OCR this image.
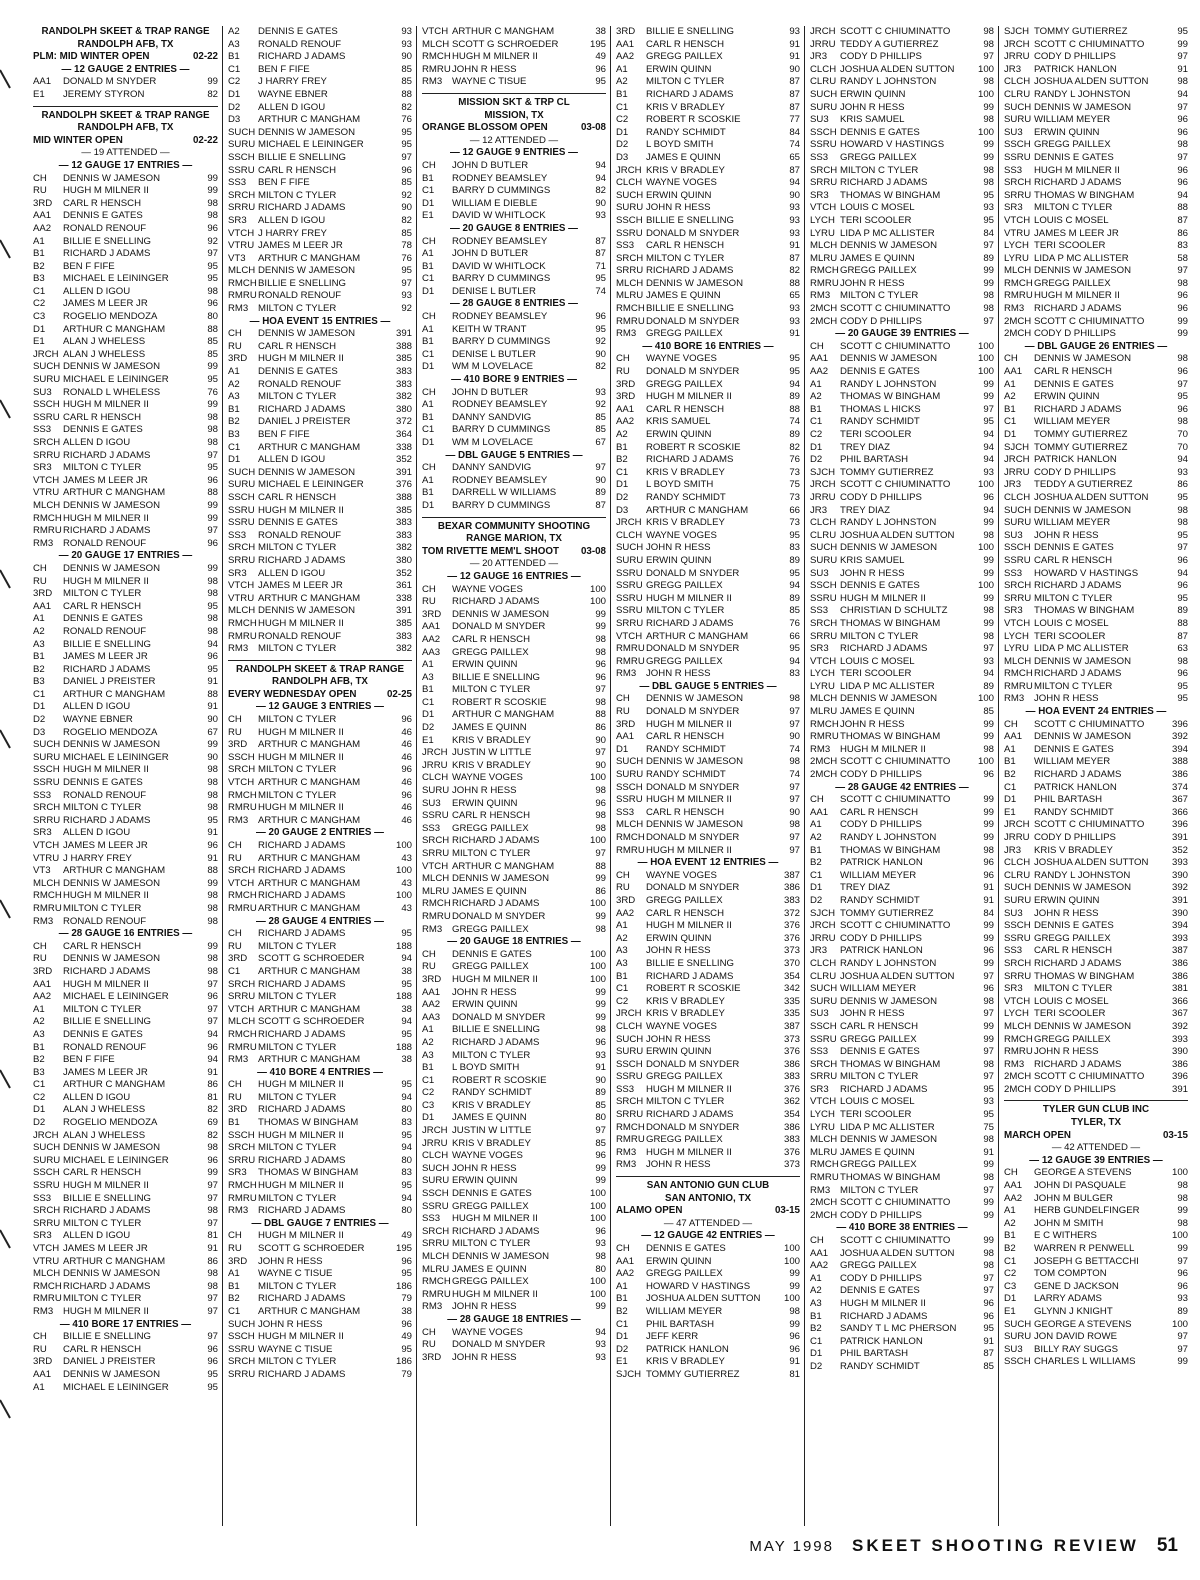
RANDOLPH SKEET & TRAP RANGE
RANDOLPH AFB, TX
PLM: MID WINTER OPEN	02-22
— 12 GAUGE 2 ENTRIES —
AA1	DONALD M SNYDER	99
E1	JEREMY STYRON	82
RANDOLPH SKEET & TRAP RANGE
RANDOLPH AFB, TX
MID WINTER OPEN	02-22
— 19 ATTENDED —
— 12 GAUGE 17 ENTRIES —
CH	DENNIS W JAMESON	99
RU	HUGH M MILNER II	99
3RD	CARL R HENSCH	98
AA1	DENNIS E GATES	98
AA2	RONALD RENOUF	96
A1	BILLIE E SNELLING	92
B1	RICHARD J ADAMS	97
B2	BEN F FIFE	95
B3	MICHAEL E LEININGER	95
C1	ALLEN D IGOU	98
C2	JAMES M LEER JR	96
C3	ROGELIO MENDOZA	80
D1	ARTHUR C MANGHAM	88
E1	ALAN J WHELESS	85
JRCH ALAN J WHELESS	85
SUCH DENNIS W JAMESON	99
SURU MICHAEL E LEININGER	95
SU3	RONALD L WHELESS	76
SSCH HUGH M MILNER II	99
SSRU CARL R HENSCH	98
SS3	DENNIS E GATES	98
SRCH ALLEN D IGOU	98
SRRU RICHARD J ADAMS	97
SR3	MILTON C TYLER	95
VTCH JAMES M LEER JR	96
VTRU ARTHUR C MANGHAM	88
MLCH DENNIS W JAMESON	99
RMCH HUGH M MILNER II	99
RMRU RICHARD J ADAMS	97
RM3	RONALD RENOUF	96
— 20 GAUGE 17 ENTRIES —
CH	DENNIS W JAMESON	99
RU	HUGH M MILNER II	98
3RD	MILTON C TYLER	98
AA1	CARL R HENSCH	95
A1	DENNIS E GATES	98
A2	RONALD RENOUF	98
A3	BILLIE E SNELLING	94
B1	JAMES M LEER JR	96
B2	RICHARD J ADAMS	95
B3	DANIEL J PREISTER	91
C1	ARTHUR C MANGHAM	88
D1	ALLEN D IGOU	91
D2	WAYNE EBNER	90
D3	ROGELIO MENDOZA	67
SUCH DENNIS W JAMESON	99
SURU MICHAEL E LEININGER	90
SSCH HUGH M MILNER II	98
SSRU DENNIS E GATES	98
SS3	RONALD RENOUF	98
SRCH MILTON C TYLER	98
SRRU RICHARD J ADAMS	95
SR3	ALLEN D IGOU	91
VTCH JAMES M LEER JR	96
VTRU J HARRY FREY	91
VT3	ARTHUR C MANGHAM	88
MLCH DENNIS W JAMESON	99
RMCH HUGH M MILNER II	98
RMRU MILTON C TYLER	98
RM3	RONALD RENOUF	98
— 28 GAUGE 16 ENTRIES —
CH	CARL R HENSCH	99
RU	DENNIS W JAMESON	98
3RD	RICHARD J ADAMS	98
AA1	HUGH M MILNER II	97
AA2	MICHAEL E LEININGER	96
A1	MILTON C TYLER	97
A2	BILLIE E SNELLING	97
A3	DENNIS E GATES	94
B1	RONALD RENOUF	96
B2	BEN F FIFE	94
B3	JAMES M LEER JR	91
C1	ARTHUR C MANGHAM	86
C2	ALLEN D IGOU	81
D1	ALAN J WHELESS	82
D2	ROGELIO MENDOZA	69
JRCH ALAN J WHELESS	82
SUCH DENNIS W JAMESON	98
SURU MICHAEL E LEININGER	96
SSCH CARL R HENSCH	99
SSRU HUGH M MILNER II	97
SS3	BILLIE E SNELLING	97
SRCH RICHARD J ADAMS	98
SRRU MILTON C TYLER	97
SR3	ALLEN D IGOU	81
VTCH JAMES M LEER JR	91
VTRU ARTHUR C MANGHAM	86
MLCH DENNIS W JAMESON	98
RMCH RICHARD J ADAMS	98
RMRU MILTON C TYLER	97
RM3	HUGH M MILNER II	97
— 410 BORE 17 ENTRIES —
CH	BILLIE E SNELLING	97
RU	CARL R HENSCH	96
3RD	DANIEL J PREISTER	96
AA1	DENNIS W JAMESON	95
A1	MICHAEL E LEININGER	95
A2	DENNIS E GATES	93
A3	RONALD RENOUF	93
B1	RICHARD J ADAMS	90
C1	BEN F FIFE	85
C2	J HARRY FREY	85
D1	WAYNE EBNER	88
D2	ALLEN D IGOU	82
D3	ARTHUR C MANGHAM	76
SUCH DENNIS W JAMESON	95
SURU MICHAEL E LEININGER	95
SSCH BILLIE E SNELLING	97
SSRU CARL R HENSCH	96
SS3	BEN F FIFE	85
SRCH MILTON C TYLER	92
SRRU RICHARD J ADAMS	90
SR3	ALLEN D IGOU	82
VTCH J HARRY FREY	85
VTRU JAMES M LEER JR	78
VT3	ARTHUR C MANGHAM	76
MLCH DENNIS W JAMESON	95
RMCH BILLIE E SNELLING	97
RMRU RONALD RENOUF	93
RM3	MILTON C TYLER	92
— HOA EVENT 15 ENTRIES —
CH	DENNIS W JAMESON	391
RU	CARL R HENSCH	388
3RD	HUGH M MILNER II	385
A1	DENNIS E GATES	383
A2	RONALD RENOUF	383
A3	MILTON C TYLER	382
B1	RICHARD J ADAMS	380
B2	DANIEL J PREISTER	372
B3	BEN F FIFE	364
C1	ARTHUR C MANGHAM	338
D1	ALLEN D IGOU	352
SUCH DENNIS W JAMESON	391
SURU MICHAEL E LEININGER	376
SSCH CARL R HENSCH	388
SSRU HUGH M MILNER II	385
SSRU DENNIS E GATES	383
SS3	RONALD RENOUF	383
SRCH MILTON C TYLER	382
SRRU RICHARD J ADAMS	380
SR3	ALLEN D IGOU	352
VTCH JAMES M LEER JR	361
VTRU ARTHUR C MANGHAM	338
MLCH DENNIS W JAMESON	391
RMCH HUGH M MILNER II	385
RMRU RONALD RENOUF	383
RM3	MILTON C TYLER	382
RANDOLPH SKEET & TRAP RANGE
RANDOLPH AFB, TX
EVERY WEDNESDAY OPEN	02-25
— 12 GAUGE 3 ENTRIES —
CH	MILTON C TYLER	96
RU	HUGH M MILNER II	46
3RD	ARTHUR C MANGHAM	46
SSCH HUGH M MILNER II	46
SRCH MILTON C TYLER	96
VTCH ARTHUR C MANGHAM	46
RMCH MILTON C TYLER	96
RMRU HUGH M MILNER II	46
RM3	ARTHUR C MANGHAM	46
— 20 GAUGE 2 ENTRIES —
CH	RICHARD J ADAMS	100
RU	ARTHUR C MANGHAM	43
SRCH RICHARD J ADAMS	100
VTCH ARTHUR C MANGHAM	43
RMCH RICHARD J ADAMS	100
RMRU ARTHUR C MANGHAM	43
— 28 GAUGE 4 ENTRIES —
CH	RICHARD J ADAMS	95
RU	MILTON C TYLER	188
3RD	SCOTT G SCHROEDER	94
C1	ARTHUR C MANGHAM	38
SRCH RICHARD J ADAMS	95
SRRU MILTON C TYLER	188
VTCH ARTHUR C MANGHAM	38
MLCH SCOTT G SCHROEDER	94
RMCH RICHARD J ADAMS	95
RMRU MILTON C TYLER	188
RM3	ARTHUR C MANGHAM	38
— 410 BORE 4 ENTRIES —
CH	HUGH M MILNER II	95
RU	MILTON C TYLER	94
3RD	RICHARD J ADAMS	80
B1	THOMAS W BINGHAM	83
SSCH HUGH M MILNER II	95
SRCH MILTON C TYLER	94
SRRU RICHARD J ADAMS	80
SR3	THOMAS W BINGHAM	83
RMCH HUGH M MILNER II	95
RMRU MILTON C TYLER	94
RM3	RICHARD J ADAMS	80
— DBL GAUGE 7 ENTRIES —
CH	HUGH M MILNER II	49
RU	SCOTT G SCHROEDER	195
3RD	JOHN R HESS	96
A1	WAYNE C TISUE	95
B1	MILTON C TYLER	186
B2	RICHARD J ADAMS	79
C1	ARTHUR C MANGHAM	38
SUCH JOHN R HESS	96
SSCH HUGH M MILNER II	49
SSRU WAYNE C TISUE	95
SRCH MILTON C TYLER	186
SRRU RICHARD J ADAMS	79
VTCH ARTHUR C MANGHAM	38
MLCH SCOTT G SCHROEDER	195
RMCH HUGH M MILNER II	49
RMRU JOHN R HESS	96
RM3	WAYNE C TISUE	95
MISSION SKT & TRP CL
MISSION, TX
ORANGE BLOSSOM OPEN	03-08
— 12 ATTENDED —
— 12 GAUGE 9 ENTRIES —
CH	JOHN D BUTLER	94
B1	RODNEY BEAMSLEY	94
C1	BARRY D CUMMINGS	82
D1	WILLIAM E DIEBLE	90
E1	DAVID W WHITLOCK	93
— 20 GAUGE 8 ENTRIES —
CH	RODNEY BEAMSLEY	87
A1	JOHN D BUTLER	87
B1	DAVID W WHITLOCK	71
C1	BARRY D CUMMINGS	95
D1	DENISE L BUTLER	74
— 28 GAUGE 8 ENTRIES —
CH	RODNEY BEAMSLEY	96
A1	KEITH W TRANT	95
B1	BARRY D CUMMINGS	92
C1	DENISE L BUTLER	90
D1	WM M LOVELACE	82
— 410 BORE 9 ENTRIES —
CH	JOHN D BUTLER	93
A1	RODNEY BEAMSLEY	92
B1	DANNY SANDVIG	85
C1	BARRY D CUMMINGS	85
D1	WM M LOVELACE	67
— DBL GAUGE 5 ENTRIES —
CH	DANNY SANDVIG	97
A1	RODNEY BEAMSLEY	90
B1	DARRELL W WILLIAMS	89
D1	BARRY D CUMMINGS	87
BEXAR COMMUNITY SHOOTING
RANGE MARION, TX
TOM RIVETTE MEM'L SHOOT 03-08
— 20 ATTENDED —
— 12 GAUGE 16 ENTRIES —
CH	WAYNE VOGES	100
RU	RICHARD J ADAMS	100
3RD	DENNIS W JAMESON	99
AA1	DONALD M SNYDER	99
AA2	CARL R HENSCH	98
AA3	GREGG PAILLEX	98
A1	ERWIN QUINN	96
A3	BILLIE E SNELLING	96
B1	MILTON C TYLER	97
C1	ROBERT R SCOSKIE	98
D1	ARTHUR C MANGHAM	88
D2	JAMES E QUINN	86
E1	KRIS V BRADLEY	90
JRCH JUSTIN W LITTLE	97
JRRU KRIS V BRADLEY	90
CLCH WAYNE VOGES	100
SURU JOHN R HESS	98
SU3	ERWIN QUINN	96
SSRU CARL R HENSCH	98
SS3	GREGG PAILLEX	98
SRCH RICHARD J ADAMS	100
SRRU MILTON C TYLER	97
VTCH ARTHUR C MANGHAM	88
MLCH DENNIS W JAMESON	99
MLRU JAMES E QUINN	86
RMCH RICHARD J ADAMS	100
RMRU DONALD M SNYDER	99
RM3	GREGG PAILLEX	98
— 20 GAUGE 18 ENTRIES —
CH	DENNIS E GATES	100
RU	GREGG PAILLEX	100
3RD	HUGH M MILNER II	100
AA1	JOHN R HESS	99
AA2	ERWIN QUINN	99
AA3	DONALD M SNYDER	99
A1	BILLIE E SNELLING	98
A2	RICHARD J ADAMS	96
A3	MILTON C TYLER	93
B1	L BOYD SMITH	91
C1	ROBERT R SCOSKIE	90
C2	RANDY SCHMIDT	89
C3	KRIS V BRADLEY	85
D1	JAMES E QUINN	80
JRCH JUSTIN W LITTLE	97
JRRU KRIS V BRADLEY	85
CLCH WAYNE VOGES	96
SUCH JOHN R HESS	99
SURU ERWIN QUINN	99
SSCH DENNIS E GATES	100
SSRU GREGG PAILLEX	100
SS3	HUGH M MILNER II	100
SRCH RICHARD J ADAMS	96
SRRU MILTON C TYLER	93
MLCH DENNIS W JAMESON	98
MLRU JAMES E QUINN	80
RMCH GREGG PAILLEX	100
RMRU HUGH M MILNER II	100
RM3	JOHN R HESS	99
— 28 GAUGE 18 ENTRIES —
CH	WAYNE VOGES	94
RU	DONALD M SNYDER	93
3RD	JOHN R HESS	93
3RD	BILLIE E SNELLING	93
AA1	CARL R HENSCH	91
AA2	GREGG PAILLEX	91
A1	ERWIN QUINN	90
A2	MILTON C TYLER	87
B1	RICHARD J ADAMS	87
C1	KRIS V BRADLEY	87
C2	ROBERT R SCOSKIE	77
D1	RANDY SCHMIDT	84
D2	L BOYD SMITH	74
D3	JAMES E QUINN	65
JRCH KRIS V BRADLEY	87
CLCH WAYNE VOGES	94
SUCH ERWIN QUINN	90
SURU JOHN R HESS	93
SSCH BILLIE E SNELLING	93
SSRU DONALD M SNYDER	93
SS3	CARL R HENSCH	91
SRCH MILTON C TYLER	87
SRRU RICHARD J ADAMS	82
MLCH DENNIS W JAMESON	88
MLRU JAMES E QUINN	65
RMCH BILLIE E SNELLING	93
RMRU DONALD M SNYDER	93
RM3	GREGG PAILLEX	91
— 410 BORE 16 ENTRIES —
CH	WAYNE VOGES	95
RU	DONALD M SNYDER	95
3RD	GREGG PAILLEX	94
3RD	HUGH M MILNER II	89
AA1	CARL R HENSCH	88
AA2	KRIS SAMUEL	74
A2	ERWIN QUINN	89
B1	ROBERT R SCOSKIE	82
B2	RICHARD J ADAMS	76
C1	KRIS V BRADLEY	73
D1	L BOYD SMITH	75
D2	RANDY SCHMIDT	73
D3	ARTHUR C MANGHAM	66
JRCH KRIS V BRADLEY	73
CLCH WAYNE VOGES	95
SUCH JOHN R HESS	83
SURU ERWIN QUINN	89
SSRU DONALD M SNYDER	95
SSRU GREGG PAILLEX	94
SSRU HUGH M MILNER II	89
SSRU MILTON C TYLER	85
SRRU RICHARD J ADAMS	76
VTCH ARTHUR C MANGHAM	66
RMRU DONALD M SNYDER	95
RMRU GREGG PAILLEX	94
RM3	JOHN R HESS	83
— DBL GAUGE 5 ENTRIES —
CH	DENNIS W JAMESON	98
RU	DONALD M SNYDER	97
3RD	HUGH M MILNER II	97
AA1	CARL R HENSCH	90
D1	RANDY SCHMIDT	74
SUCH DENNIS W JAMESON	98
SURU RANDY SCHMIDT	74
SSCH DONALD M SNYDER	97
SSRU HUGH M MILNER II	97
SS3	CARL R HENSCH	90
MLCH DENNIS W JAMESON	98
RMCH DONALD M SNYDER	97
RMRU HUGH M MILNER II	97
— HOA EVENT 12 ENTRIES —
CH	WAYNE VOGES	387
RU	DONALD M SNYDER	386
3RD	GREGG PAILLEX	383
AA2	CARL R HENSCH	372
A1	HUGH M MILNER II	376
A2	ERWIN QUINN	376
A3	JOHN R HESS	373
A3	BILLIE E SNELLING	370
B1	RICHARD J ADAMS	354
C1	ROBERT R SCOSKIE	342
C2	KRIS V BRADLEY	335
JRCH KRIS V BRADLEY	335
CLCH WAYNE VOGES	387
SUCH JOHN R HESS	373
SURU ERWIN QUINN	376
SSCH DONALD M SNYDER	386
SSRU GREGG PAILLEX	383
SS3	HUGH M MILNER II	376
SRCH MILTON C TYLER	362
SRRU RICHARD J ADAMS	354
RMCH DONALD M SNYDER	386
RMRU GREGG PAILLEX	383
RM3	HUGH M MILNER II	376
RM3	JOHN R HESS	373
SAN ANTONIO GUN CLUB
SAN ANTONIO, TX
ALAMO OPEN	03-15
— 47 ATTENDED —
— 12 GAUGE 42 ENTRIES —
CH	DENNIS E GATES	100
AA1	ERWIN QUINN	100
AA2	GREGG PAILLEX	99
A1	HOWARD V HASTINGS	99
B1	JOSHUA ALDEN SUTTON	100
B2	WILLIAM MEYER	98
C1	PHIL BARTASH	99
D1	JEFF KERR	96
D2	PATRICK HANLON	96
E1	KRIS V BRADLEY	91
SJCH TOMMY GUTIERREZ	81
JRCH SCOTT C CHIUMINATTO	98
JRRU TEDDY A GUTIERREZ	98
JR3	CODY D PHILLIPS	97
CLCH JOSHUA ALDEN SUTTON	100
CLRU RANDY L JOHNSTON	98
SUCH ERWIN QUINN	100
SURU JOHN R HESS	99
SU3	KRIS SAMUEL	98
SSCH DENNIS E GATES	100
SSRU HOWARD V HASTINGS	99
SS3	GREGG PAILLEX	99
SRCH MILTON C TYLER	98
SRRU RICHARD J ADAMS	98
SR3	THOMAS W BINGHAM	95
VTCH LOUIS C MOSEL	93
LYCH TERI SCOOLER	95
LYRU LIDA P MC ALLISTER	84
MLCH DENNIS W JAMESON	97
MLRU JAMES E QUINN	89
RMCH GREGG PAILLEX	99
RMRU JOHN R HESS	99
RM3	MILTON C TYLER	98
2MCH SCOTT C CHIUMINATTO	98
2MCH CODY D PHILLIPS	97
— 20 GAUGE 39 ENTRIES —
CH	SCOTT C CHIUMINATTO	100
AA1	DENNIS W JAMESON	100
AA2	DENNIS E GATES	100
A1	RANDY L JOHNSTON	99
A2	THOMAS W BINGHAM	99
B1	THOMAS L HICKS	97
C1	RANDY SCHMIDT	95
C2	TERI SCOOLER	94
D1	TREY DIAZ	94
D2	PHIL BARTASH	94
SJCH TOMMY GUTIERREZ	93
JRCH SCOTT C CHIUMINATTO	100
JRRU CODY D PHILLIPS	96
JR3	TREY DIAZ	94
CLCH RANDY L JOHNSTON	99
CLRU JOSHUA ALDEN SUTTON	98
SUCH DENNIS W JAMESON	100
SURU KRIS SAMUEL	99
SU3	JOHN R HESS	99
SSCH DENNIS E GATES	100
SSRU HUGH M MILNER II	99
SS3	CHRISTIAN D SCHULTZ	98
SRCH THOMAS W BINGHAM	99
SRRU MILTON C TYLER	98
SR3	RICHARD J ADAMS	97
VTCH LOUIS C MOSEL	93
LYCH TERI SCOOLER	94
LYRU LIDA P MC ALLISTER	89
MLCH DENNIS W JAMESON	100
MLRU JAMES E QUINN	85
RMCH JOHN R HESS	99
RMRU THOMAS W BINGHAM	99
RM3	HUGH M MILNER II	98
2MCH SCOTT C CHIUMINATTO	100
2MCH CODY D PHILLIPS	96
— 28 GAUGE 42 ENTRIES —
CH	SCOTT C CHIUMINATTO	99
AA1	CARL R HENSCH	99
A1	CODY D PHILLIPS	99
A2	RANDY L JOHNSTON	99
B1	THOMAS W BINGHAM	98
B2	PATRICK HANLON	96
C1	WILLIAM MEYER	96
D1	TREY DIAZ	91
D2	RANDY SCHMIDT	91
SJCH TOMMY GUTIERREZ	84
JRCH SCOTT C CHIUMINATTO	99
JRRU CODY D PHILLIPS	99
JR3	PATRICK HANLON	96
CLCH RANDY L JOHNSTON	99
CLRU JOSHUA ALDEN SUTTON	97
SUCH WILLIAM MEYER	96
SURU DENNIS W JAMESON	98
SU3	JOHN R HESS	97
SSCH CARL R HENSCH	99
SSRU GREGG PAILLEX	99
SS3	DENNIS E GATES	97
SRCH THOMAS W BINGHAM	98
SRRU MILTON C TYLER	97
SR3	RICHARD J ADAMS	95
VTCH LOUIS C MOSEL	93
LYCH TERI SCOOLER	95
LYRU LIDA P MC ALLISTER	75
MLCH DENNIS W JAMESON	98
MLRU JAMES E QUINN	91
RMCH GREGG PAILLEX	99
RMRU THOMAS W BINGHAM	98
RM3	MILTON C TYLER	97
2MCH SCOTT C CHIUMINATTO	99
2MCH CODY D PHILLIPS	99
— 410 BORE 38 ENTRIES —
CH	SCOTT C CHIUMINATTO	99
AA1	JOSHUA ALDEN SUTTON	98
AA2	GREGG PAILLEX	98
A1	CODY D PHILLIPS	97
A2	DENNIS E GATES	97
A3	HUGH M MILNER II	96
B1	RICHARD J ADAMS	96
B2	SANDY T L MC PHERSON	95
C1	PATRICK HANLON	91
D1	PHIL BARTASH	87
D2	RANDY SCHMIDT	85
SJCH TOMMY GUTIERREZ	95
JRCH SCOTT C CHIUMINATTO	99
JRRU CODY D PHILLIPS	97
JR3	PATRICK HANLON	91
CLCH JOSHUA ALDEN SUTTON	98
CLRU RANDY L JOHNSTON	94
SUCH DENNIS W JAMESON	97
SURU WILLIAM MEYER	96
SU3	ERWIN QUINN	96
SSCH GREGG PAILLEX	98
SSRU DENNIS E GATES	97
SS3	HUGH M MILNER II	96
SRCH RICHARD J ADAMS	96
SRRU THOMAS W BINGHAM	94
SR3	MILTON C TYLER	88
VTCH LOUIS C MOSEL	87
VTRU JAMES M LEER JR	86
LYCH TERI SCOOLER	83
LYRU LIDA P MC ALLISTER	58
MLCH DENNIS W JAMESON	97
RMCH GREGG PAILLEX	98
RMRU HUGH M MILNER II	96
RM3	RICHARD J ADAMS	96
2MCH SCOTT C CHIUMINATTO	99
2MCH CODY D PHILLIPS	99
— DBL GAUGE 26 ENTRIES —
CH	DENNIS W JAMESON	98
AA1	CARL R HENSCH	96
A1	DENNIS E GATES	97
A2	ERWIN QUINN	95
B1	RICHARD J ADAMS	96
C1	WILLIAM MEYER	98
D1	TOMMY GUTIERREZ	70
SJCH TOMMY GUTIERREZ	70
JRCH PATRICK HANLON	94
JRRU CODY D PHILLIPS	93
JR3	TEDDY A GUTIERREZ	86
CLCH JOSHUA ALDEN SUTTON	95
SUCH DENNIS W JAMESON	98
SURU WILLIAM MEYER	98
SU3	JOHN R HESS	95
SSCH DENNIS E GATES	97
SSRU CARL R HENSCH	96
SS3	HOWARD V HASTINGS	94
SRCH RICHARD J ADAMS	96
SRRU MILTON C TYLER	95
SR3	THOMAS W BINGHAM	89
VTCH LOUIS C MOSEL	88
LYCH TERI SCOOLER	87
LYRU LIDA P MC ALLISTER	63
MLCH DENNIS W JAMESON	98
RMCH RICHARD J ADAMS	96
RMRU MILTON C TYLER	95
RM3	JOHN R HESS	95
— HOA EVENT 24 ENTRIES —
CH	SCOTT C CHIUMINATTO	396
AA1	DENNIS W JAMESON	392
A1	DENNIS E GATES	394
B1	WILLIAM MEYER	388
B2	RICHARD J ADAMS	386
C1	PATRICK HANLON	374
D1	PHIL BARTASH	367
E1	RANDY SCHMIDT	366
JRCH SCOTT C CHIUMINATTO	396
JRRU CODY D PHILLIPS	391
JR3	KRIS V BRADLEY	352
CLCH JOSHUA ALDEN SUTTON	393
CLRU RANDY L JOHNSTON	390
SUCH DENNIS W JAMESON	392
SURU ERWIN QUINN	391
SU3	JOHN R HESS	390
SSCH DENNIS E GATES	394
SSRU GREGG PAILLEX	393
SS3	CARL R HENSCH	387
SRCH RICHARD J ADAMS	386
SRRU THOMAS W BINGHAM	386
SR3	MILTON C TYLER	381
VTCH LOUIS C MOSEL	366
LYCH TERI SCOOLER	367
MLCH DENNIS W JAMESON	392
RMCH GREGG PAILLEX	393
RMRU JOHN R HESS	390
RM3	RICHARD J ADAMS	386
2MCH SCOTT C CHIUMINATTO	396
2MCH CODY D PHILLIPS	391
TYLER GUN CLUB INC
TYLER, TX
MARCH OPEN	03-15
— 42 ATTENDED —
— 12 GAUGE 39 ENTRIES —
CH	GEORGE A STEVENS	100
AA1	JOHN DI PASQUALE	98
AA2	JOHN M BULGER	98
A1	HERB GUNDELFINGER	99
A2	JOHN M SMITH	98
B1	E C WITHERS	100
B2	WARREN R PENWELL	99
C1	JOSEPH G BETTACCHI	97
C2	TOM COMPTON	96
C3	GENE D JACKSON	96
D1	LARRY ADAMS	93
E1	GLYNN J KNIGHT	89
SUCH GEORGE A STEVENS	100
SURU JON DAVID ROWE	97
SU3	BILLY RAY SUGGS	97
SSCH CHARLES L WILLIAMS	99
MAY 1998 SKEET SHOOTING REVIEW 51
